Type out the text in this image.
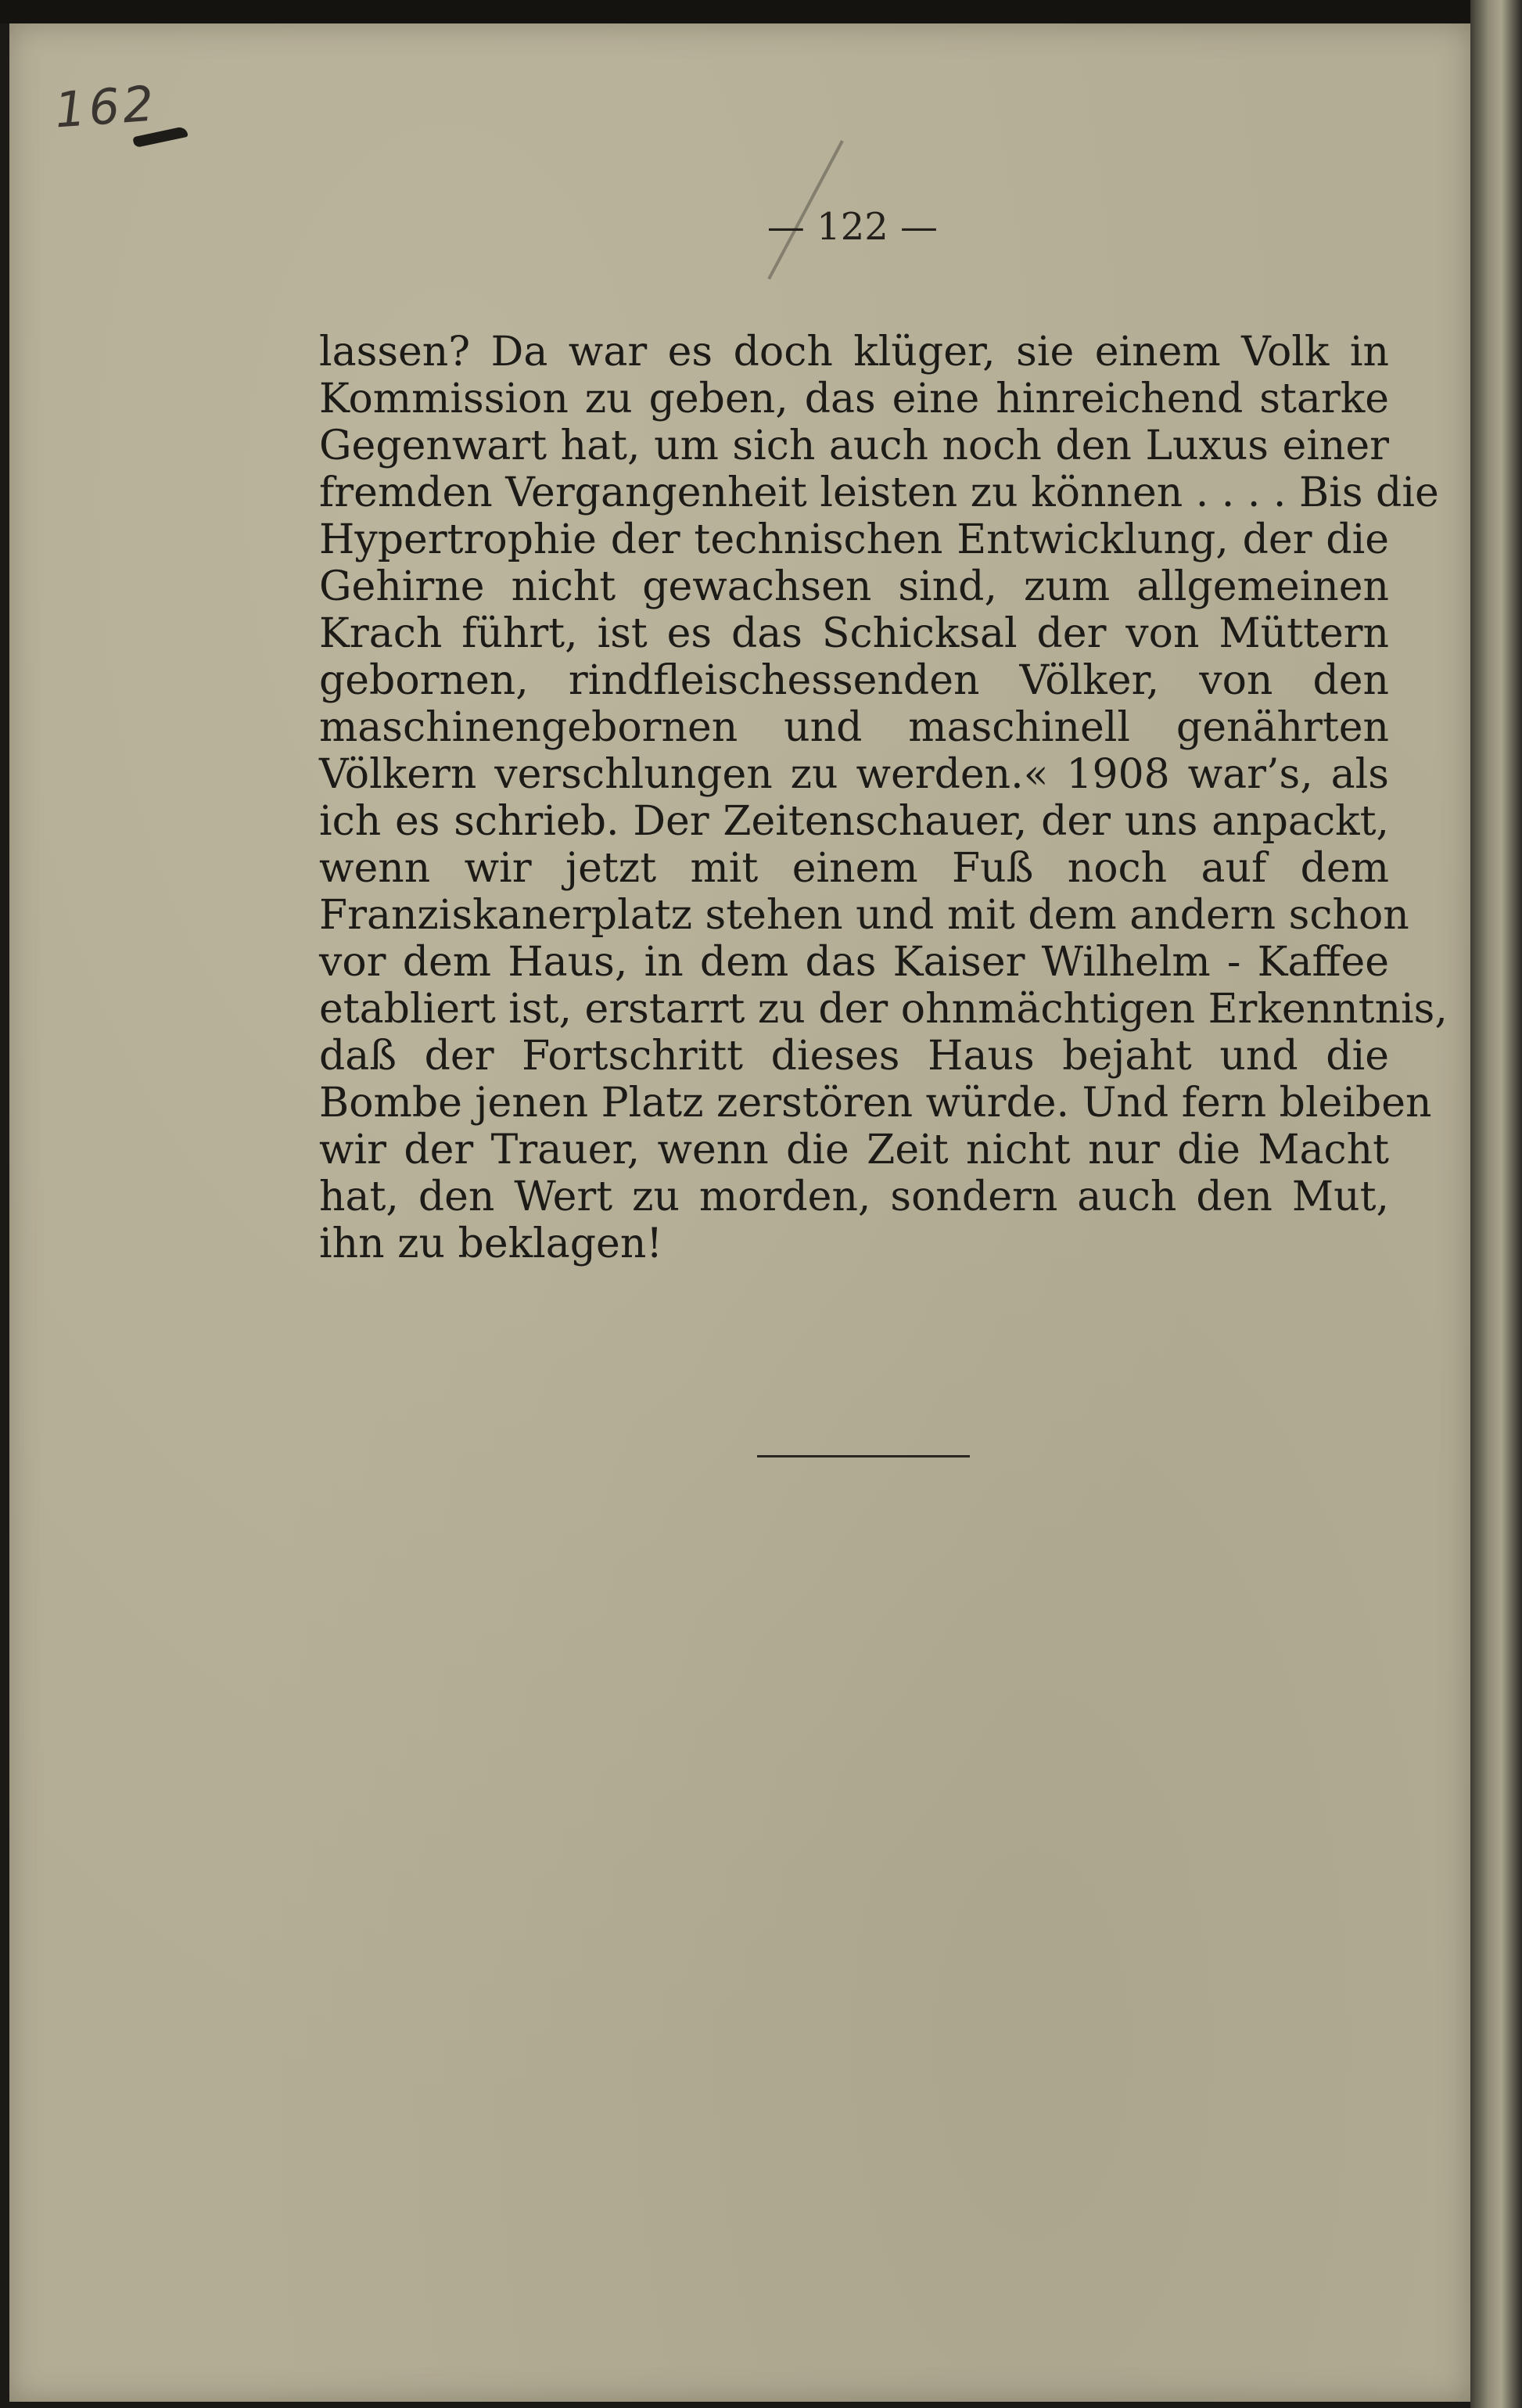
162
— 122 —
lassen? Da war es doch klüger, sie einem Volk in
Kommission zu geben, das eine hinreichend starke
Gegenwart hat, um sich auch noch den Luxus einer
fremden Vergangenheit leisten zu können . . . . Bis die
Hypertrophie der technischen Entwicklung, der die
Gehirne nicht gewachsen sind, zum allgemeinen
Krach führt, ist es das Schicksal der von Müttern
gebornen, rindfleischessenden Völker, von den
maschinengebornen und maschinell genährten
Völkern verschlungen zu werden.« 1908 war’s, als
ich es schrieb. Der Zeitenschauer, der uns anpackt,
wenn wir jetzt mit einem Fuß noch auf dem
Franziskanerplatz stehen und mit dem andern schon
vor dem Haus, in dem das Kaiser Wilhelm - Kaffee
etabliert ist, erstarrt zu der ohnmächtigen Erkenntnis,
daß der Fortschritt dieses Haus bejaht und die
Bombe jenen Platz zerstören würde. Und fern bleiben
wir der Trauer, wenn die Zeit nicht nur die Macht
hat, den Wert zu morden, sondern auch den Mut,
ihn zu beklagen!
